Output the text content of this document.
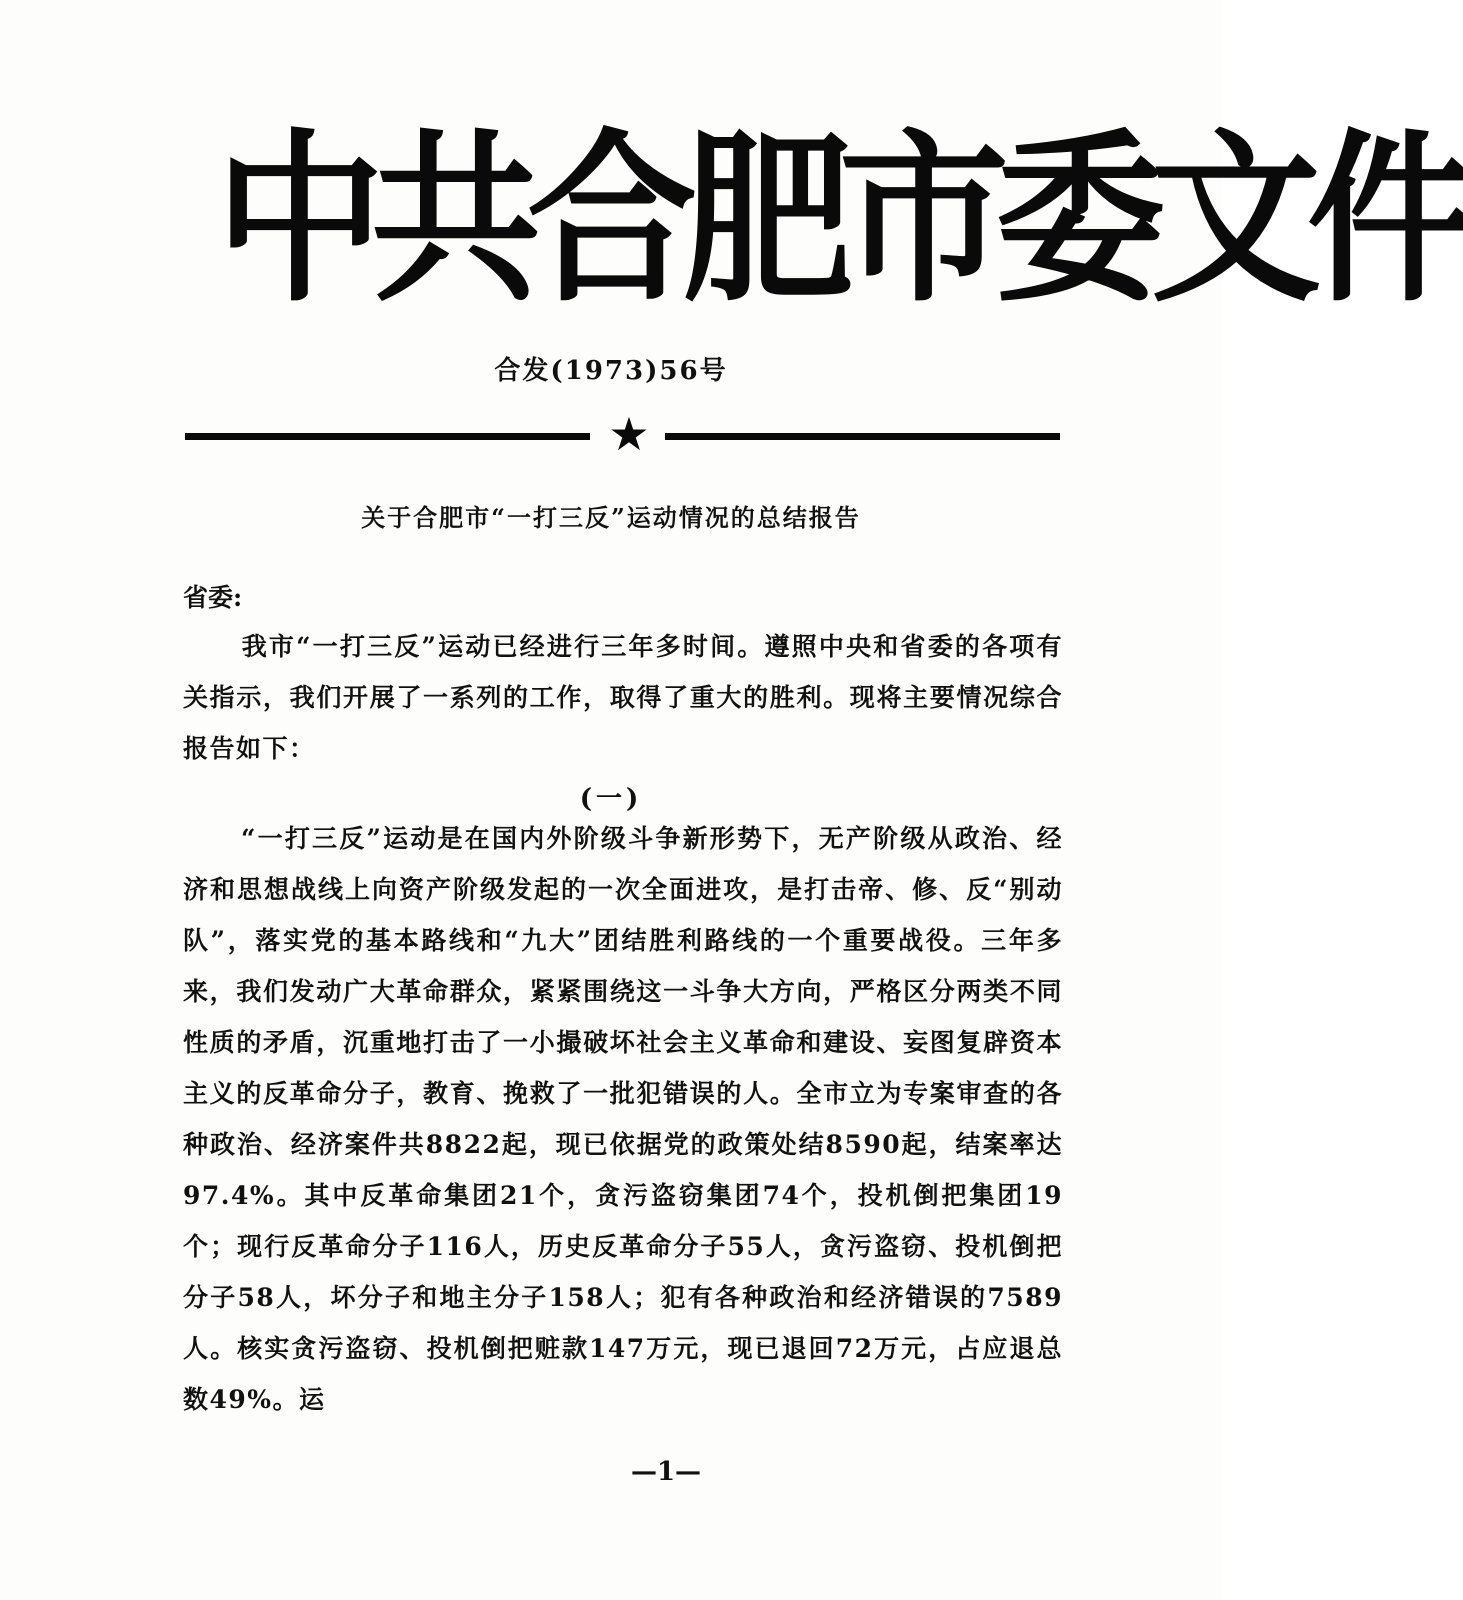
中共合肥市委文件
合发(1973)56号
★
关于合肥市“一打三反”运动情况的总结报告
省委:
我市“一打三反”运动已经进行三年多时间。遵照中央和省委的各项有关指示，我们开展了一系列的工作，取得了重大的胜利。现将主要情况综合报告如下：
(一)
“一打三反”运动是在国内外阶级斗争新形势下，无产阶级从政治、经济和思想战线上向资产阶级发起的一次全面进攻，是打击帝、修、反“别动队”，落实党的基本路线和“九大”团结胜利路线的一个重要战役。三年多来，我们发动广大革命群众，紧紧围绕这一斗争大方向，严格区分两类不同性质的矛盾，沉重地打击了一小撮破坏社会主义革命和建设、妄图复辟资本主义的反革命分子，教育、挽救了一批犯错误的人。全市立为专案审查的各种政治、经济案件共8822起，现已依据党的政策处结8590起，结案率达97.4%。其中反革命集团21个，贪污盗窃集团74个，投机倒把集团19个；现行反革命分子116人，历史反革命分子55人，贪污盗窃、投机倒把分子58人，坏分子和地主分子158人；犯有各种政治和经济错误的7589人。核实贪污盗窃、投机倒把赃款147万元，现已退回72万元，占应退总数49%。运
—1—
